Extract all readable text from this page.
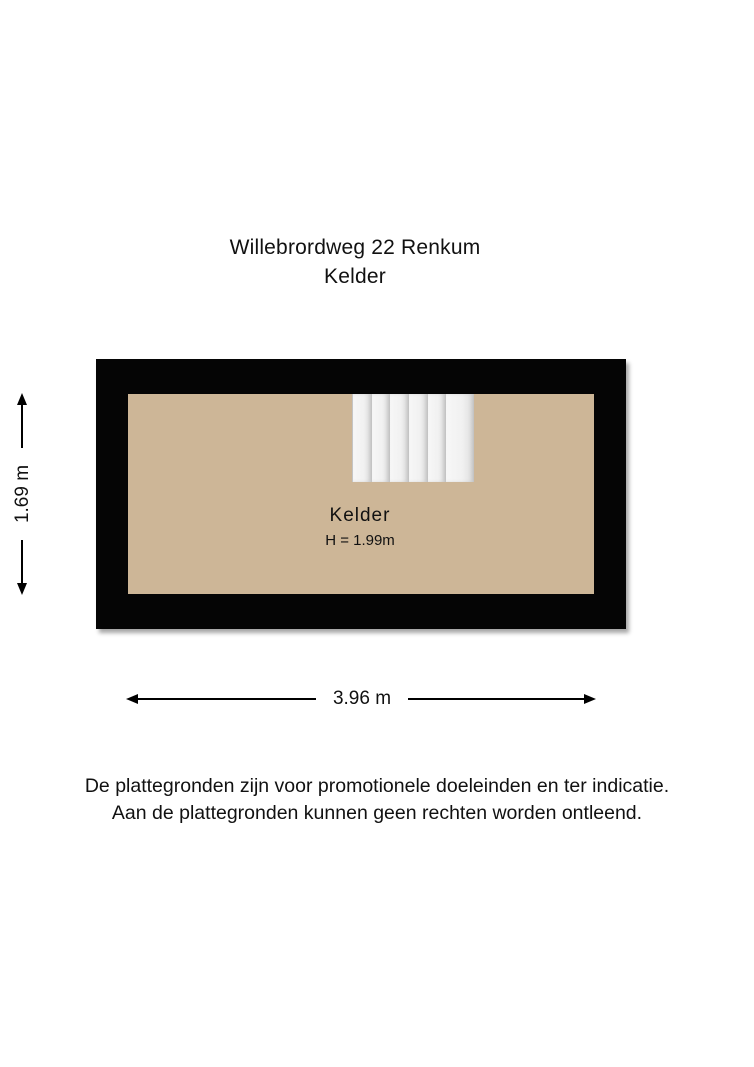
Willebrordweg 22 Renkum
Kelder
Kelder
H = 1.99m
3.96 m
1.69 m
De plattegronden zijn voor promotionele doeleinden en ter indicatie.
Aan de plattegronden kunnen geen rechten worden ontleend.
